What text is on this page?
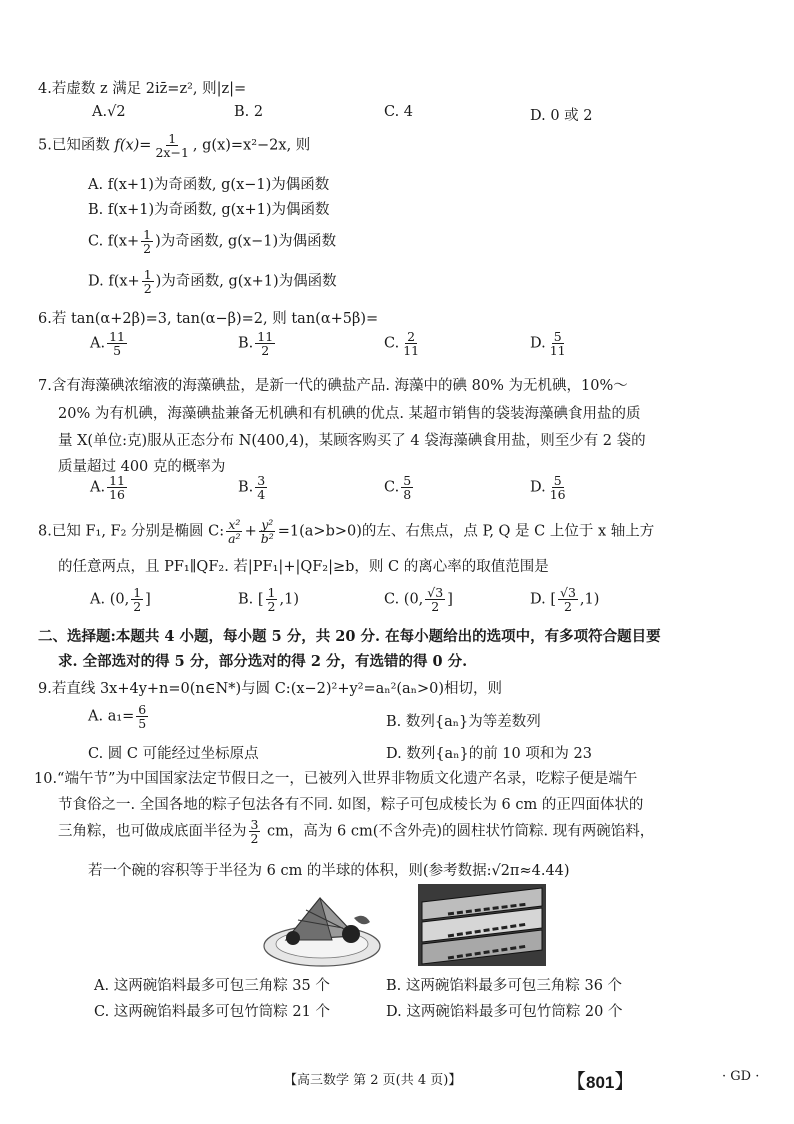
4.若虚数 z 满足 2iz̄=z², 则|z|=
A.√2	B. 2	C. 4	D. 0 或 2
5.已知函数 $f(x)= \frac{1}{2x-1}$ , g(x)=x²−2x, 则
A. f(x+1)为奇函数, g(x−1)为偶函数
B. f(x+1)为奇函数, g(x+1)为偶函数
C. $f(x+ \frac{1}{2}$ )为奇函数, g(x−1)为偶函数
D. $f(x+ \frac{1}{2}$ )为奇函数, g(x+1)为偶函数
6.若 tan(α+2β)=3, tan(α−β)=2, 则 tan(α+5β)=
A. $\frac{11}{5}$	B. $\frac{11}{2}$	C. $\frac{2}{11}$	D. $\frac{5}{11}$
7.含有海藻碘浓缩液的海藻碘盐，是新一代的碘盐产品. 海藻中的碘 80% 为无机碘，10%～
20% 为有机碘，海藻碘盐兼备无机碘和有机碘的优点. 某超市销售的袋装海藻碘食用盐的质
量 X(单位:克)服从正态分布 N(400,4)，某顾客购买了 4 袋海藻碘食用盐，则至少有 2 袋的
质量超过 400 克的概率为
A. $\frac{11}{16}$	B. $\frac{3}{4}$	C. $\frac{5}{8}$	D. $\frac{5}{16}$
8.已知 F₁, F₂ 分别是椭圆 C: $\frac{\text{x²}}{\text{a²}} + \frac{\text{y²}}{\text{b²}} =1(a>b>0)$的左、右焦点，点 P, Q 是 C 上位于 x 轴上方
的任意两点，且 PF₁∥QF₂. 若|PF₁|+|QF₂|≥b，则 C 的离心率的取值范围是
A. (0, $\frac{1}{2}$ ]	B. [ $\frac{1}{2} ,1$)	C. (0, $\frac{√3}{2}$ ]	D. [ $\frac{√3}{2} ,1$)
二、选择题:本题共 4 小题，每小题 5 分，共 20 分. 在每小题给出的选项中，有多项符合题目要
求. 全部选对的得 5 分，部分选对的得 2 分，有选错的得 0 分.
9.若直线 3x+4y+n=0(n∈N*)与圆 C:(x−2)²+y²=aₙ²(aₙ>0)相切，则
A. $a_1= \frac{6}{5}$	B. 数列{aₙ}为等差数列
C. 圆 C 可能经过坐标原点	D. 数列{aₙ}的前 10 项和为 23
10.“端午节”为中国国家法定节假日之一，已被列入世界非物质文化遗产名录，吃粽子便是端午
节食俗之一. 全国各地的粽子包法各有不同. 如图，粽子可包成棱长为 6 cm 的正四面体状的
三角粽，也可做成底面半径为 $\frac{3}{2}$ cm，高为 6 cm(不含外壳)的圆柱状竹筒粽. 现有两碗馅料，
若一个碗的容积等于半径为 6 cm 的半球的体积，则(参考数据:√2π≈4.44)
A. 这两碗馅料最多可包三角粽 35 个	B. 这两碗馅料最多可包三角粽 36 个
C. 这两碗馅料最多可包竹筒粽 21 个	D. 这两碗馅料最多可包竹筒粽 20 个
【高三数学 第 2 页(共 4 页)】	【801】	· GD ·
